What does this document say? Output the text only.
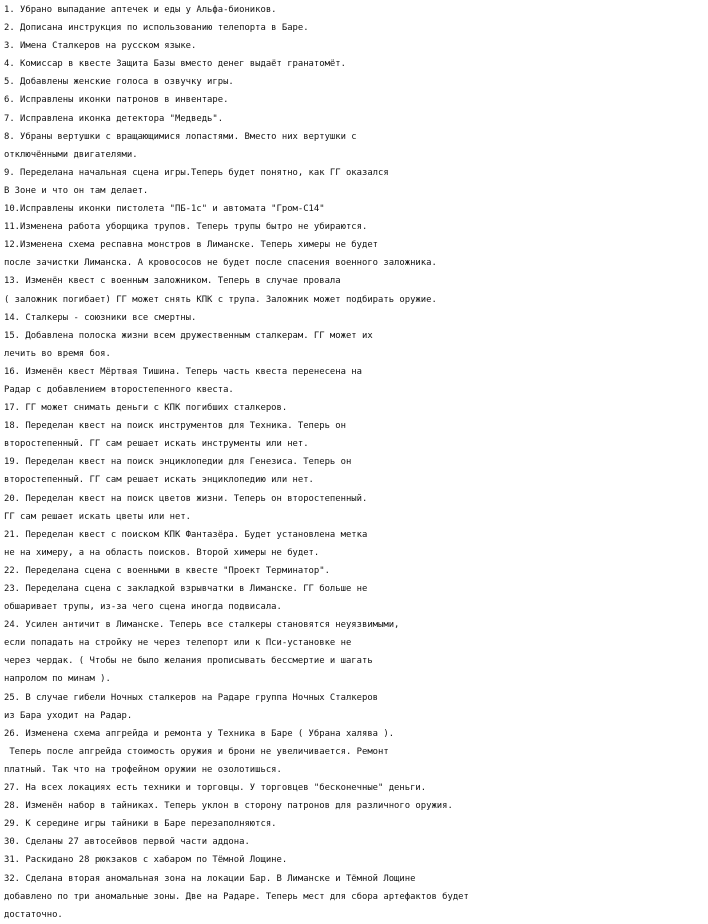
1. Убрано выпадание аптечек и еды у Альфа-бионикoв.
2. Дописана инструкция по использованию телепорта в Баре.
3. Имена Сталкеров на русском языке.
4. Комиссар в квесте Защита Базы вместо денег выдаёт гранатомёт.
5. Добавлены женские голоса в озвучку игры.
6. Исправлены иконки патронов в инвентаре.
7. Исправлена иконка детектора "Медведь".
8. Убраны вертушки с вращающимися лопастями. Вместо них вертушки с
отключёнными двигателями.
9. Переделана начальная сцена игры.Теперь будет понятно, как ГГ оказался
В Зоне и что он там делает.
10.Исправлены иконки пистолета "ПБ-1с" и автомата "Гром-С14"
11.Изменена работа уборщика трупов. Теперь трупы бытро не убираются.
12.Изменена схема респавна монстров в Лиманске. Теперь химеры не будет
после зачистки Лиманска. А кровососов не будет после спасения военного заложника.
13. Изменён квест с военным заложником. Теперь в случае провала
( заложник погибает) ГГ может снять КПК с трупа. Заложник может подбирать оружие.
14. Сталкеры - союзники все смертны.
15. Добавлена полоска жизни всем дружественным сталкерам. ГГ может их
лечить во время боя.
16. Изменён квест Мёртвая Тишина. Теперь часть квеста перенесена на
Радар с добавлением второстепенного квеста.
17. ГГ может снимать деньги с КПК погибших сталкеров.
18. Переделан квест на поиск инструментов для Техника. Теперь он
второстепенный. ГГ сам решает искать инструменты или нет.
19. Переделан квест на поиск энциклопедии для Генезиса. Теперь он
второстепенный. ГГ сам решает искать энциклопедию или нет.
20. Переделан квест на поиск цветов жизни. Теперь он второстепенный.
ГГ сам решает искать цветы или нет.
21. Переделан квест с поиском КПК Фантазёра. Будет установлена метка
не на химеру, а на область поисков. Второй химеры не будет.
22. Переделана сцена с военными в квесте "Проект Терминатор".
23. Переделана сцена с закладкой взрывчатки в Лиманске. ГГ больше не
обшаривает трупы, из-за чего сцена иногда подвисала.
24. Усилен античит в Лиманске. Теперь все сталкеры становятся неуязвимыми,
если попадать на стройку не через телепорт или к Пси-установке не
через чердак. ( Чтобы не было желания прописывать бессмертие и шагать
напролом по минам ).
25. В случае гибели Ночных сталкеров на Радаре группа Ночных Сталкеров
из Бара уходит на Радар.
26. Изменена схема апгрейда и ремонта у Техника в Баре ( Убрана халява ).
Теперь после апгрейда стоимость оружия и брони не увеличивается. Ремонт
платный. Так что на трофейном оружии не озолотишься.
27. На всех локациях есть техники и торговцы. У торговцев "бесконечные" деньги.
28. Изменён набор в тайниках. Теперь уклон в сторону патронов для различного оружия.
29. К середине игры тайники в Баре перезаполняются.
30. Сделаны 27 автосейвов первой части аддона.
31. Раскидано 28 рюкзаков с хабаром по Тёмной Лощине.
32. Сделана вторая аномальная зона на локации Бар. В Лиманске и Тёмной Лощине
добавлено по три аномальные зоны. Две на Радаре. Теперь мест для сбора артефактов будет
достаточно.
